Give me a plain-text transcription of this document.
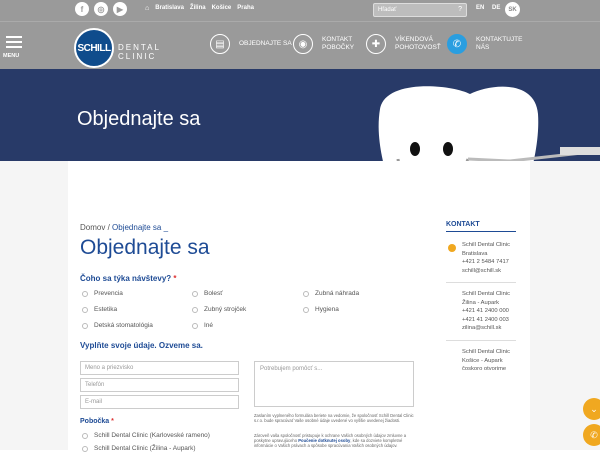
f	◎	▶	⌂ Bratislava Žilina Košice Praha	Hľadať	? EN DE	SK
MENU
SCHILL DENTAL
CLINIC
▤	OBJEDNAJTE SA ◉	KONTAKT POBOČKY	✚	VÍKENDOVÁ POHOTOVOSŤ	✆	KONTAKTUJTE NÁS
Objednajte sa
Domov / Objednajte sa _
Objednajte sa
Čoho sa týka návštevy? *
Prevencia	Bolesť	Zubná náhrada
Estetika	Zubný strojček	Hygiena
Detská stomatológia	Iné
Vyplňte svoje údaje. Ozveme sa.
Meno a priezvisko
Telefón
E-mail
Potrebujem pomôcť s...
Zaslaním vyplneného formulára beriete na vedomie, že spoločnosť Schill Dental Clinic s.r.o. bude spracúvať Vaše osobné údaje uvedené vo vyššie uvedenej žiadosti.
Zároveň vaša spoločnosť pristupuje k ochrane Vašich osobných údajov zmluvne a poskytne upravujúceho Poučenie dotknutej osoby, kde sa dozviete kompletné informácie o Vašich právach a spôsobe spracúvania Vašich osobných údajov.
Pobočka *
Schill Dental Clinic (Karloveské rameno)
Schill Dental Clinic (Žilina - Aupark)
KONTAKT
Schill Dental Clinic
Bratislava
+421 2 5484 7417
schill@schill.sk
Schill Dental Clinic
Žilina - Aupark
+421 41 2400 000
+421 41 2400 003
zilina@schill.sk
Schill Dental Clinic
Košice - Aupark
čoskoro otvorime
⌄
✆
